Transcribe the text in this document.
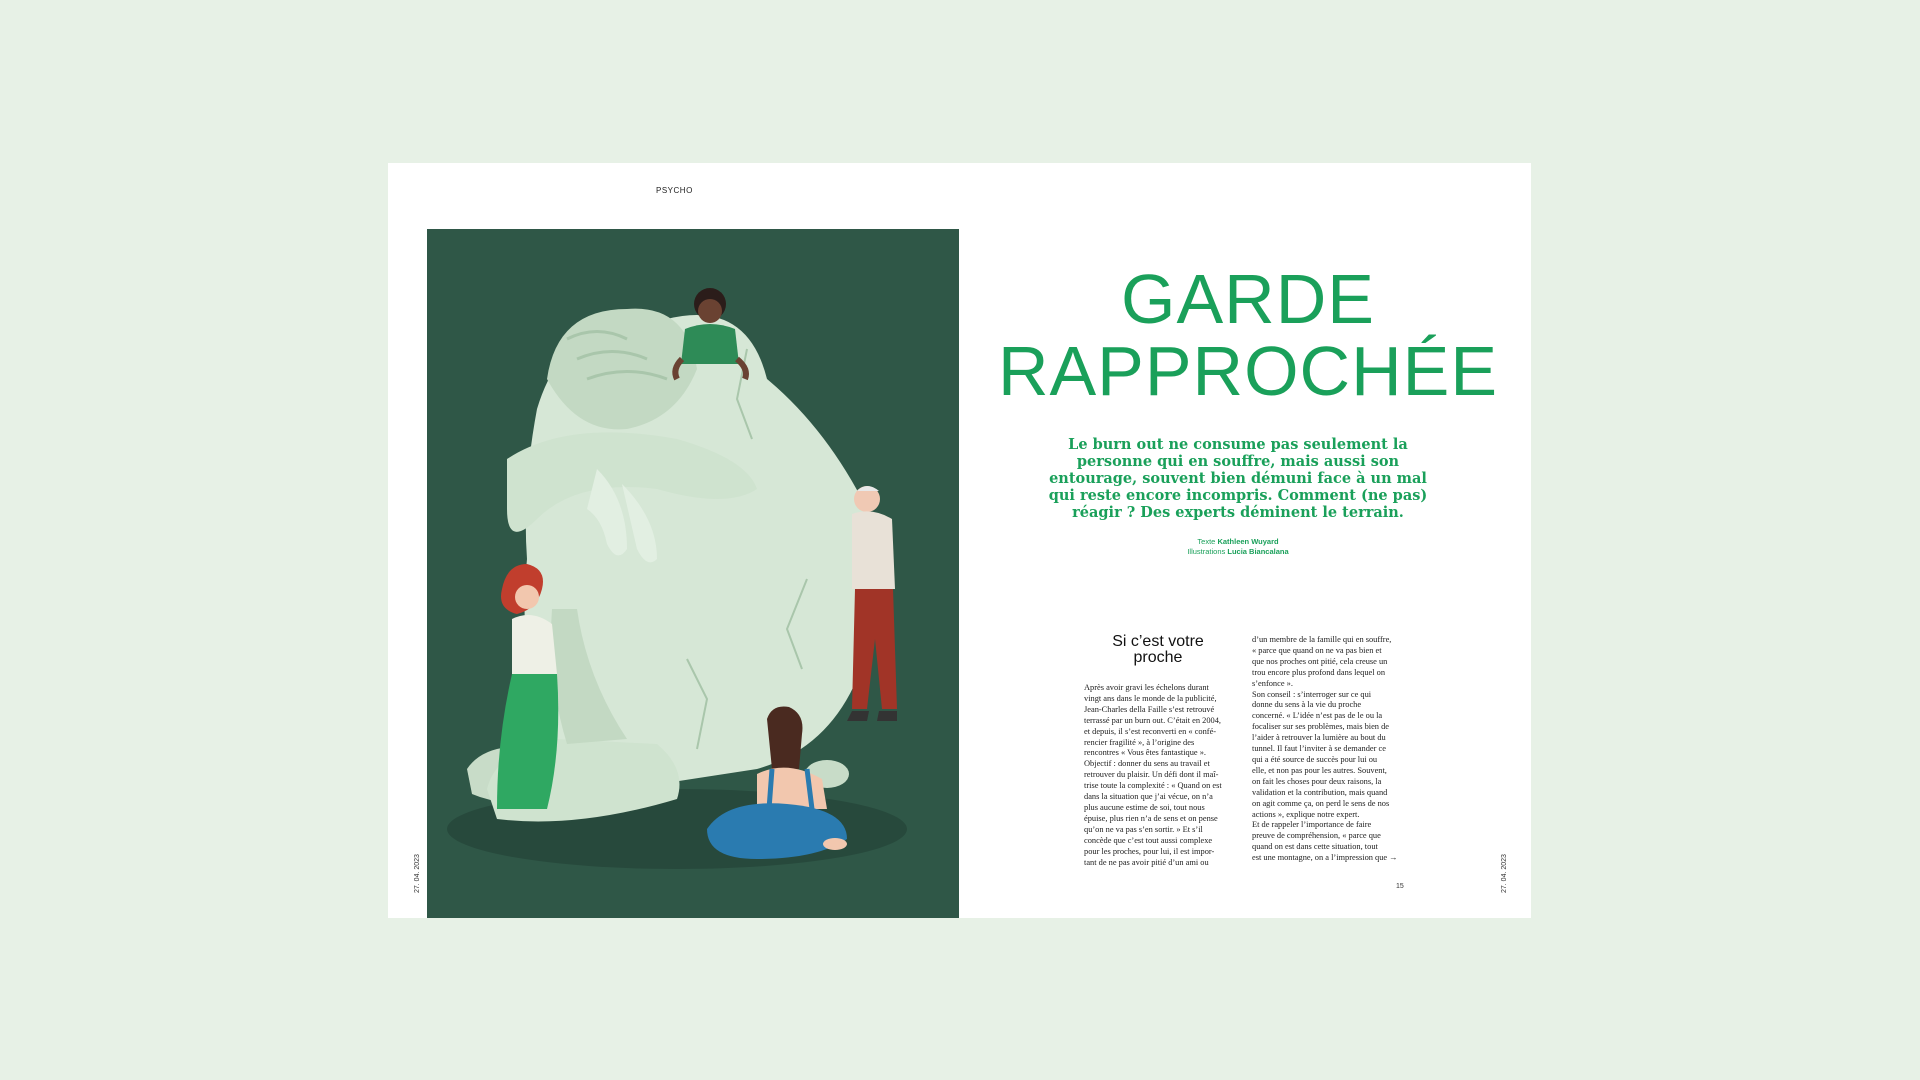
PSYCHO
27. 04. 2023	27. 04. 2023
GARDE
RAPPROCHÉE
Le burn out ne consume pas seulement la personne qui en souffre, mais aussi son entourage, souvent bien démuni face à un mal qui reste encore incompris. Comment (ne pas) réagir ? Des experts déminent le terrain.
Texte Kathleen Wuyard
Illustrations Lucia Biancalana
Si c’est votre
proche

Après avoir gravi les échelons durant

vingt ans dans le monde de la publicité,

Jean-Charles della Faille s’est retrouvé

terrassé par un burn out. C’était en 2004,

et depuis, il s’est reconverti en « confé-

rencier fragilité », à l’origine des

rencontres « Vous êtes fantastique ».

Objectif : donner du sens au travail et

retrouver du plaisir. Un défi dont il maî-

trise toute la complexité : « Quand on est

dans la situation que j’ai vécue, on n’a

plus aucune estime de soi, tout nous

épuise, plus rien n’a de sens et on pense

qu’on ne va pas s’en sortir. » Et s’il

concède que c’est tout aussi complexe

pour les proches, pour lui, il est impor-

tant de ne pas avoir pitié d’un ami ou

d’un membre de la famille qui en souffre,

« parce que quand on ne va pas bien et

que nos proches ont pitié, cela creuse un

trou encore plus profond dans lequel on

s’enfonce ».

Son conseil : s’interroger sur ce qui

donne du sens à la vie du proche

concerné. « L’idée n’est pas de le ou la

focaliser sur ses problèmes, mais bien de

l’aider à retrouver la lumière au bout du

tunnel. Il faut l’inviter à se demander ce

qui a été source de succès pour lui ou

elle, et non pas pour les autres. Souvent,

on fait les choses pour deux raisons, la

validation et la contribution, mais quand

on agit comme ça, on perd le sens de nos

actions », explique notre expert.

Et de rappeler l’importance de faire

preuve de compréhension, « parce que

quand on est dans cette situation, tout

est une montagne, on a l’impression que →

15
